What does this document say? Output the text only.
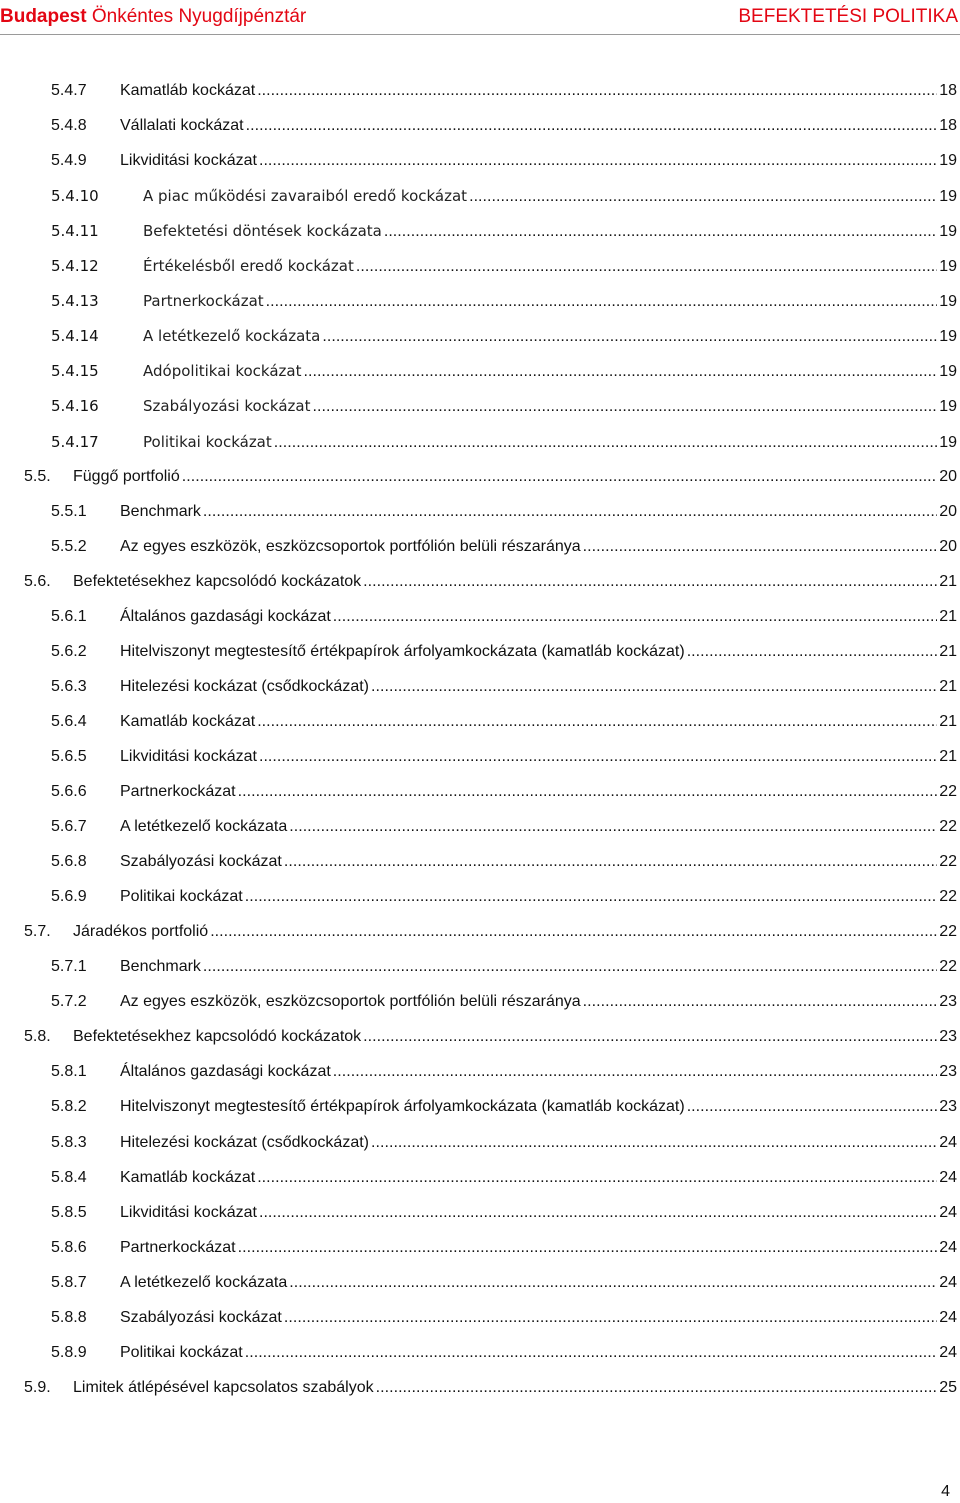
Budapest Önkéntes Nyugdíjpénztár	BEFEKTETÉSI POLITIKA
5.4.7 Kamatláb kockázat . . .	18
5.4.8 Vállalati kockázat . . .	18
5.4.9 Likviditási kockázat . . .	19
5.4.10	A piac működési zavaraiból eredő kockázat . . .	19
5.4.11	Befektetési döntések kockázata . . .	19
5.4.12	Értékelésből eredő kockázat . . .	19
5.4.13	Partnerkockázat . . .	19
5.4.14	A letétkezelő kockázata . . .	19
5.4.15	Adópolitikai kockázat . . .	19
5.4.16	Szabályozási kockázat . . .	19
5.4.17	Politikai kockázat . . .	19
5.5. Függő portfolió . . .	20
5.5.1 Benchmark . . .	20
5.5.2 Az egyes eszközök, eszközcsoportok portfólión belüli részaránya . . .	20
5.6. Befektetésekhez kapcsolódó kockázatok . . .	21
5.6.1 Általános gazdasági kockázat . . .	21
5.6.2 Hitelviszonyt megtestesítő értékpapírok árfolyamkockázata (kamatláb kockázat) . . .	21
5.6.3 Hitelezési kockázat (csődkockázat) . . .	21
5.6.4 Kamatláb kockázat . . .	21
5.6.5 Likviditási kockázat . . .	21
5.6.6 Partnerkockázat . . .	22
5.6.7 A letétkezelő kockázata . . .	22
5.6.8 Szabályozási kockázat . . .	22
5.6.9 Politikai kockázat . . .	22
5.7. Járadékos portfolió . . .	22
5.7.1 Benchmark . . .	22
5.7.2 Az egyes eszközök, eszközcsoportok portfólión belüli részaránya . . .	23
5.8. Befektetésekhez kapcsolódó kockázatok . . .	23
5.8.1 Általános gazdasági kockázat . . .	23
5.8.2 Hitelviszonyt megtestesítő értékpapírok árfolyamkockázata (kamatláb kockázat) . . .	23
5.8.3 Hitelezési kockázat (csődkockázat) . . .	24
5.8.4 Kamatláb kockázat . . .	24
5.8.5 Likviditási kockázat . . .	24
5.8.6 Partnerkockázat . . .	24
5.8.7 A letétkezelő kockázata . . .	24
5.8.8 Szabályozási kockázat . . .	24
5.8.9 Politikai kockázat . . .	24
5.9. Limitek átlépésével kapcsolatos szabályok . . .	25
4
